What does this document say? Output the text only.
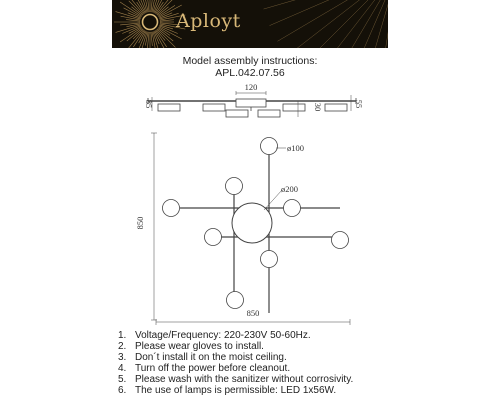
Aployt
Model assembly instructions:
APL.042.07.56
120
85	30	55
ø100
ø200
850
850
1. Voltage/Frequency: 220-230V 50-60Hz.
2. Please wear gloves to install.
3. Don´t install it on the moist ceiling.
4. Turn off the power before cleanout.
5. Please wash with the sanitizer without corrosivity.
6. The use of lamps is permissible: LED 1x56W.
